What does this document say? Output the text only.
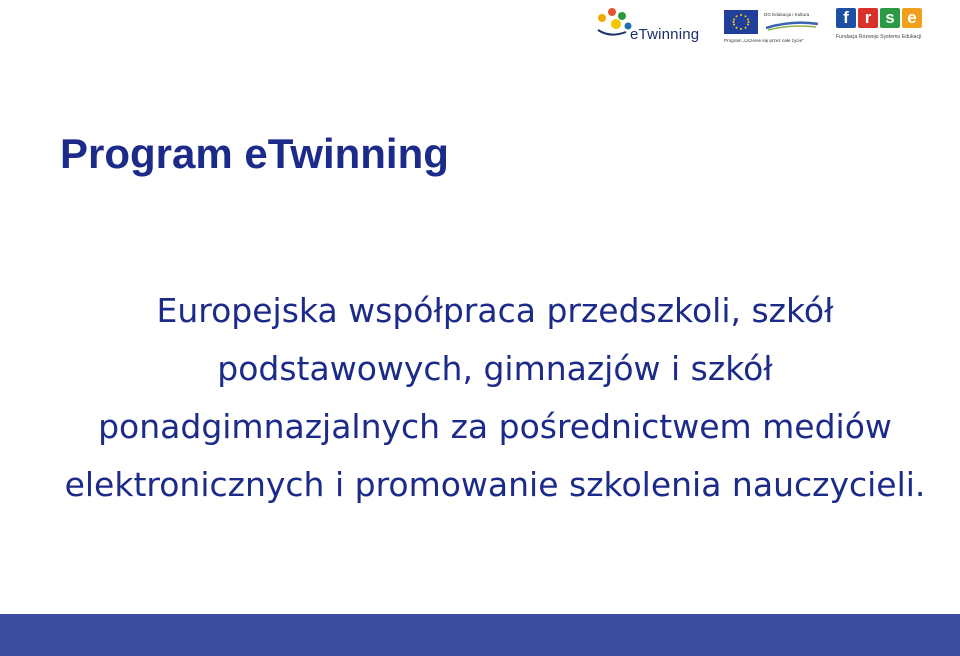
eTwinning
DG Edukacja i Kultura
Program „Uczenie się przez całe życie”
f r s e
Fundacja Rozwoju Systemu Edukacji
Program eTwinning

Europejska współpraca przedszkoli, szkół podstawowych, gimnazjów i szkół ponadgimnazjalnych za pośrednictwem mediów elektronicznych i promowanie szkolenia nauczycieli.
